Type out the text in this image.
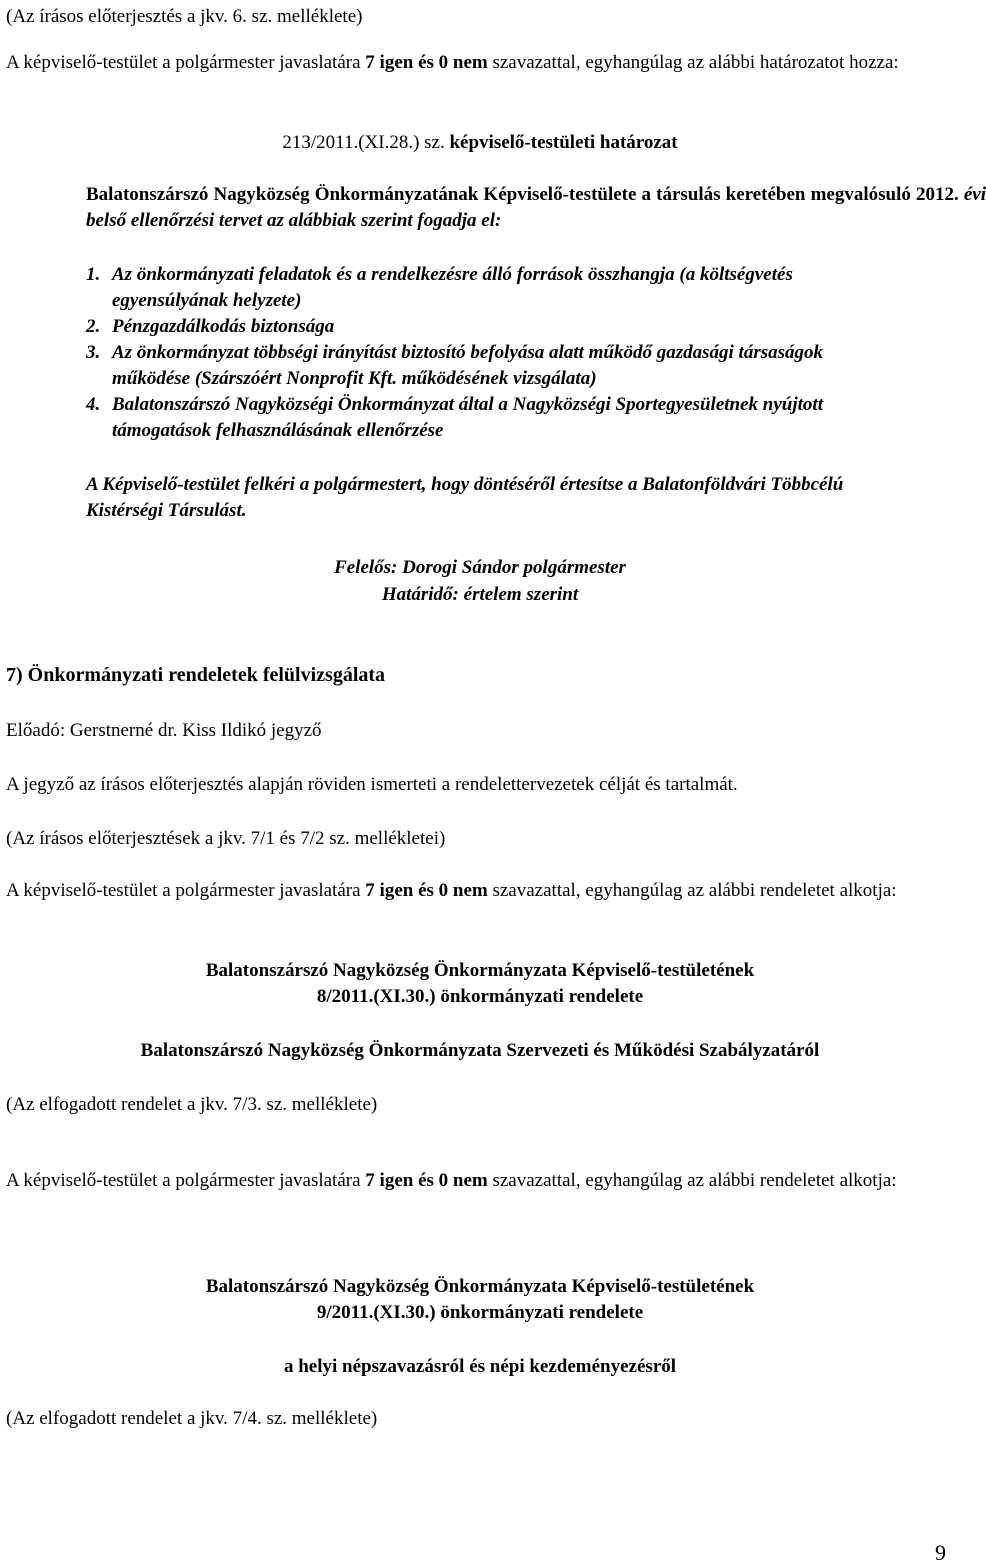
(Az írásos előterjesztés a jkv. 6. sz. melléklete)

A képviselő-testület a polgármester javaslatára 7 igen és 0 nem szavazattal, egyhangúlag az alábbi határozatot hozza:

213/2011.(XI.28.) sz. képviselő-testületi határozat

Balatonszárszó Nagyközség Önkormányzatának Képviselő-testülete a társulás keretében megvalósuló 2012. évi belső ellenőrzési tervet az alábbiak szerint fogadja el:

1. Az önkormányzati feladatok és a rendelkezésre álló források összhangja (a költségvetés egyensúlyának helyzete)
2. Pénzgazdálkodás biztonsága
3. Az önkormányzat többségi irányítást biztosító befolyása alatt működő gazdasági társaságok működése (Szárszóért Nonprofit Kft. működésének vizsgálata)
4. Balatonszárszó Nagyközségi Önkormányzat által a Nagyközségi Sportegyesületnek nyújtott támogatások felhasználásának ellenőrzése

A Képviselő-testület felkéri a polgármestert, hogy döntéséről értesítse a Balatonföldvári Többcélú Kistérségi Társulást.

Felelős: Dorogi Sándor polgármester

Határidő: értelem szerint

7) Önkormányzati rendeletek felülvizsgálata

Előadó: Gerstnerné dr. Kiss Ildikó jegyző

A jegyző az írásos előterjesztés alapján röviden ismerteti a rendelettervezetek célját és tartalmát.

(Az írásos előterjesztések a jkv. 7/1 és 7/2 sz. mellékletei)

A képviselő-testület a polgármester javaslatára 7 igen és 0 nem szavazattal, egyhangúlag az alábbi rendeletet alkotja:

Balatonszárszó Nagyközség Önkormányzata Képviselő-testületének

8/2011.(XI.30.) önkormányzati rendelete

Balatonszárszó Nagyközség Önkormányzata Szervezeti és Működési Szabályzatáról

(Az elfogadott rendelet a jkv. 7/3. sz. melléklete)

A képviselő-testület a polgármester javaslatára 7 igen és 0 nem szavazattal, egyhangúlag az alábbi rendeletet alkotja:

Balatonszárszó Nagyközség Önkormányzata Képviselő-testületének

9/2011.(XI.30.) önkormányzati rendelete

a helyi népszavazásról és népi kezdeményezésről

(Az elfogadott rendelet a jkv. 7/4. sz. melléklete)

9
